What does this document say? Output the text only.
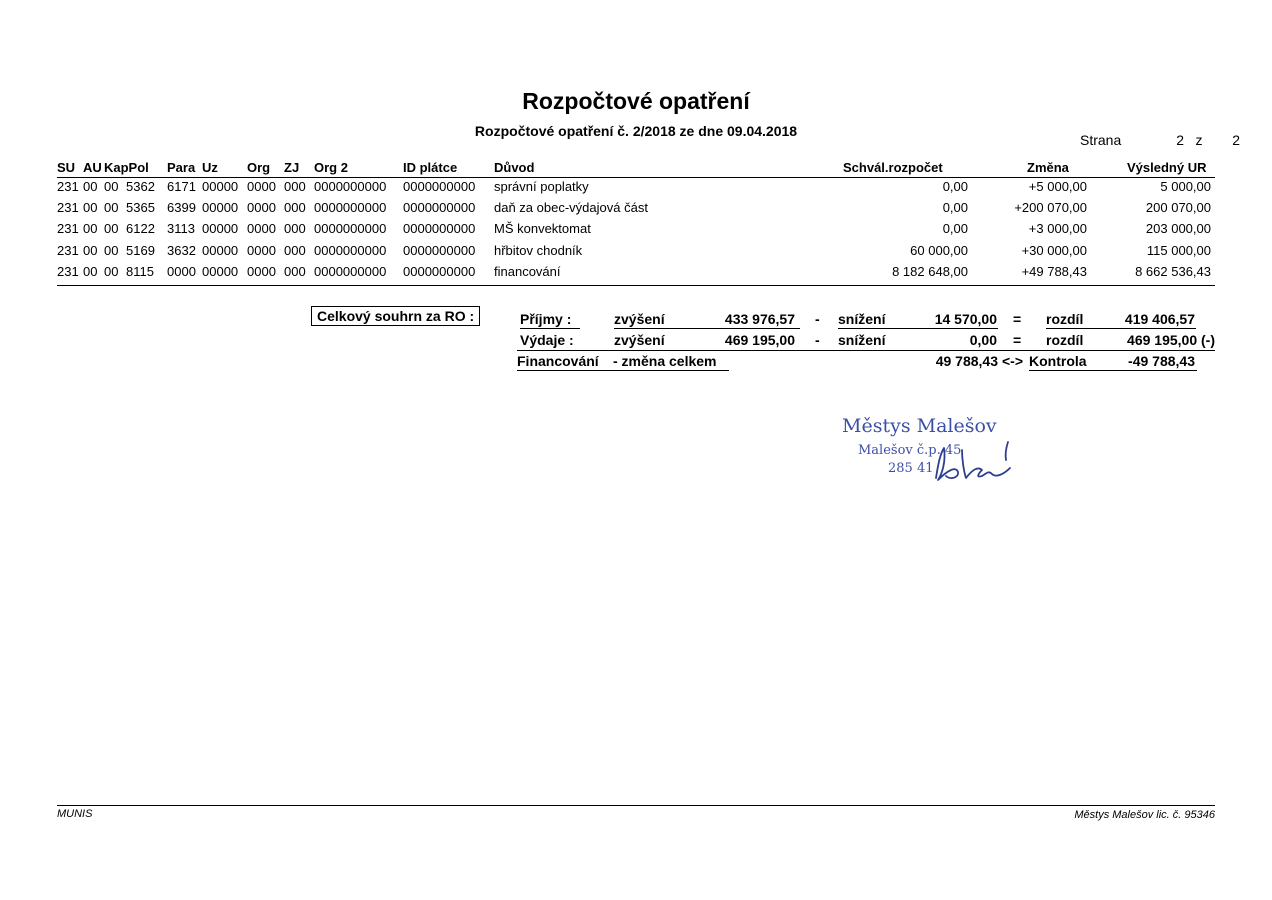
Rozpočtové opatření
Rozpočtové opatření č. 2/2018 ze dne 09.04.2018
Strana	2 z 2
SU AU KapPol Para Uz Org ZJ Org 2	ID plátce	Důvod	Schvál.rozpočet	Změna	Výsledný UR
231 00 00 5362 6171 00000 0000 000 0000000000 0000000000 správní poplatky	0,00	+5 000,00	5 000,00
231 00 00 5365 6399 00000 0000 000 0000000000 0000000000 daň za obec-výdajová část	0,00	+200 070,00	200 070,00
231 00 00 6122 3113 00000 0000 000 0000000000 0000000000 MŠ konvektomat	0,00	+3 000,00	203 000,00
231 00 00 5169 3632 00000 0000 000 0000000000 0000000000 hřbitov chodník	60 000,00	+30 000,00	115 000,00
231 00 00 8115 0000 00000 0000 000 0000000000 0000000000 financování	8 182 648,00	+49 788,43	8 662 536,43
Celkový souhrn za RO :	Příjmy :	zvýšení	433 976,57 - snížení	14 570,00 = rozdíl	419 406,57
Výdaje :	zvýšení	469 195,00 - snížení	0,00 = rozdíl	469 195,00 (-)
Financování - změna celkem	49 788,43 <-> Kontrola	-49 788,43
Městys Malešov
Malešov č.p. 45
285 41
MUNIS	Městys Malešov lic. č. 95346
